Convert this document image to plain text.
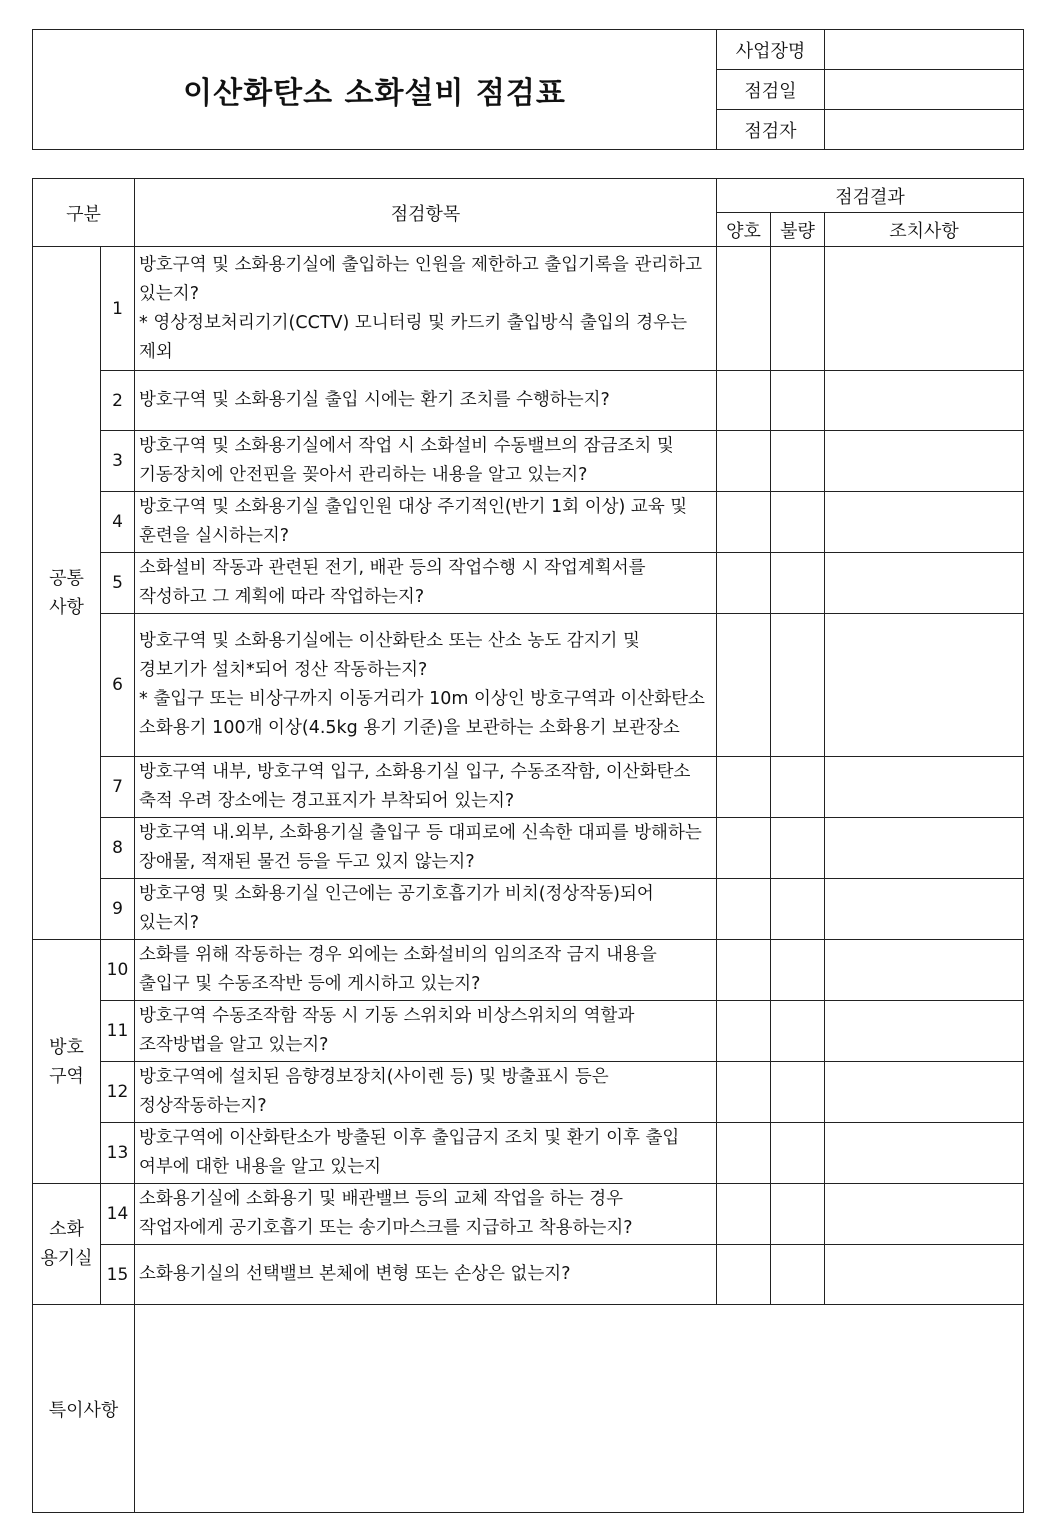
이산화탄소 소화설비 점검표	사업장명	
	점검일	
	점검자	
구분		점검항목	점검결과		
			양호	불량	조치사항
공통
사항	1	방호구역 및 소화용기실에 출입하는 인원을 제한하고 출입기록을 관리하고 있는지?
* 영상정보처리기기(CCTV) 모니터링 및 카드키 출입방식 출입의 경우는 제외			
	2	방호구역 및 소화용기실 출입 시에는 환기 조치를 수행하는지?			
	3	방호구역 및 소화용기실에서 작업 시 소화설비 수동밸브의 잠금조치 및 기동장치에 안전핀을 꽂아서 관리하는 내용을 알고 있는지?			
	4	방호구역 및 소화용기실 출입인원 대상 주기적인(반기 1회 이상) 교육 및 훈련을 실시하는지?			
	5	소화설비 작동과 관련된 전기, 배관 등의 작업수행 시 작업계획서를 작성하고 그 계획에 따라 작업하는지?			
	6	방호구역 및 소화용기실에는 이산화탄소 또는 산소 농도 감지기 및 경보기가 설치*되어 정산 작동하는지?
* 출입구 또는 비상구까지 이동거리가 10m 이상인 방호구역과 이산화탄소 소화용기 100개 이상(4.5kg 용기 기준)을 보관하는 소화용기 보관장소			
	7	방호구역 내부, 방호구역 입구, 소화용기실 입구, 수동조작함, 이산화탄소 축적 우려 장소에는 경고표지가 부착되어 있는지?			
	8	방호구역 내.외부, 소화용기실 출입구 등 대피로에 신속한 대피를 방해하는 장애물, 적재된 물건 등을 두고 있지 않는지?			
	9	방호구영 및 소화용기실 인근에는 공기호흡기가 비치(정상작동)되어 있는지?			
방호
구역	10	소화를 위해 작동하는 경우 외에는 소화설비의 임의조작 금지 내용을 출입구 및 수동조작반 등에 게시하고 있는지?			
	11	방호구역 수동조작함 작동 시 기동 스위치와 비상스위치의 역할과 조작방법을 알고 있는지?			
	12	방호구역에 설치된 음향경보장치(사이렌 등) 및 방출표시 등은 정상작동하는지?			
	13	방호구역에 이산화탄소가 방출된 이후 출입금지 조치 및 환기 이후 출입 여부에 대한 내용을 알고 있는지			
소화
용기실	14	소화용기실에 소화용기 및 배관밸브 등의 교체 작업을 하는 경우 작업자에게 공기호흡기 또는 송기마스크를 지급하고 착용하는지?			
	15	소화용기실의 선택밸브 본체에 변형 또는 손상은 없는지?			
특이사항					
